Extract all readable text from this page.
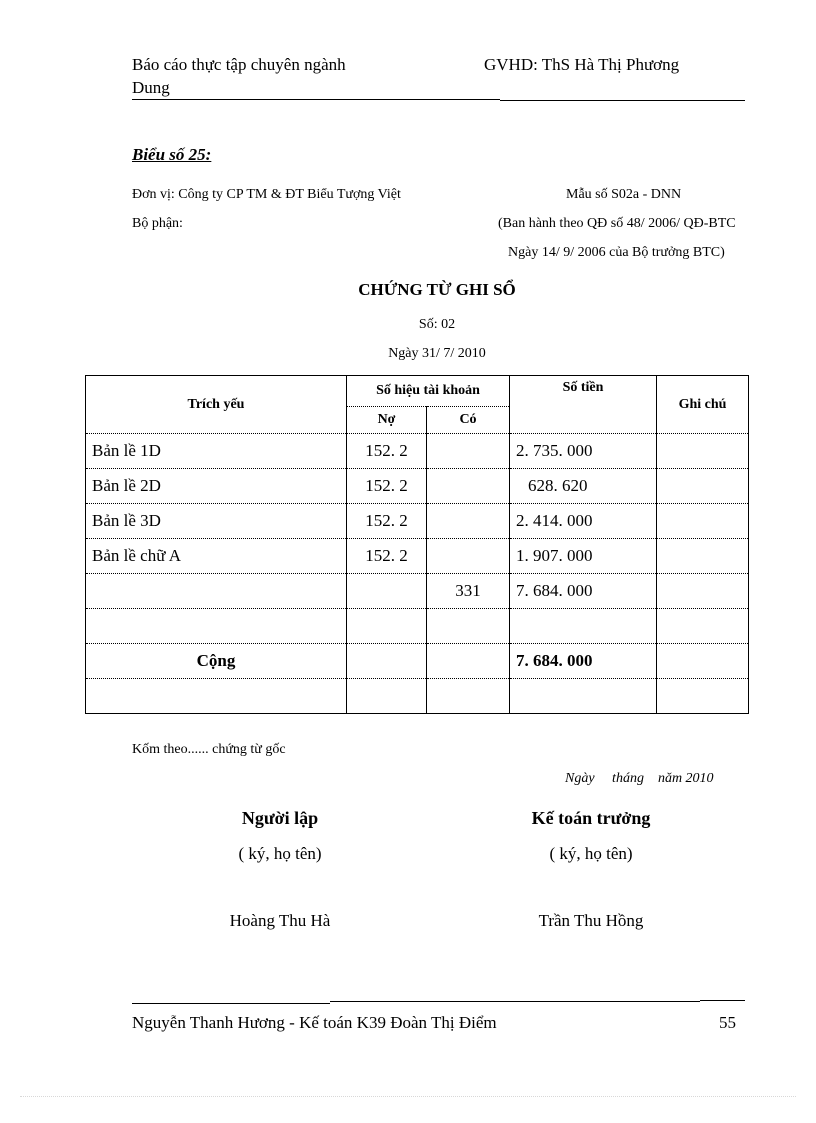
Báo cáo thực tập chuyên ngành
Dung
GVHD: ThS Hà Thị Phương
Biểu số 25:
Đơn vị: Công ty CP TM & ĐT Biểu Tượng Việt
Bộ phận:
Mẫu số S02a - DNN
(Ban hành theo QĐ số 48/ 2006/ QĐ-BTC
Ngày 14/ 9/ 2006 của Bộ trưởng BTC)
CHỨNG TỪ GHI SỔ
Số: 02
Ngày 31/ 7/ 2010
Trích yếu	Số hiệu tài khoản		Số tiền	Ghi chú
	Nợ	Có		
Bản lề 1D	152. 2		2. 735. 000	
Bản lề 2D	152. 2		628. 620	
Bản lề 3D	152. 2		2. 414. 000	
Bản lề chữ A	152. 2		1. 907. 000	
		331	7. 684. 000	

Cộng			7. 684. 000	

Kốm theo...... chứng từ gốc
Ngày     tháng    năm 2010
Người lập
( ký, họ tên)
Hoàng Thu Hà
Kế toán trưởng
( ký, họ tên)
Trần Thu Hồng
Nguyễn Thanh Hương - Kế toán K39 Đoàn Thị Điểm	55
